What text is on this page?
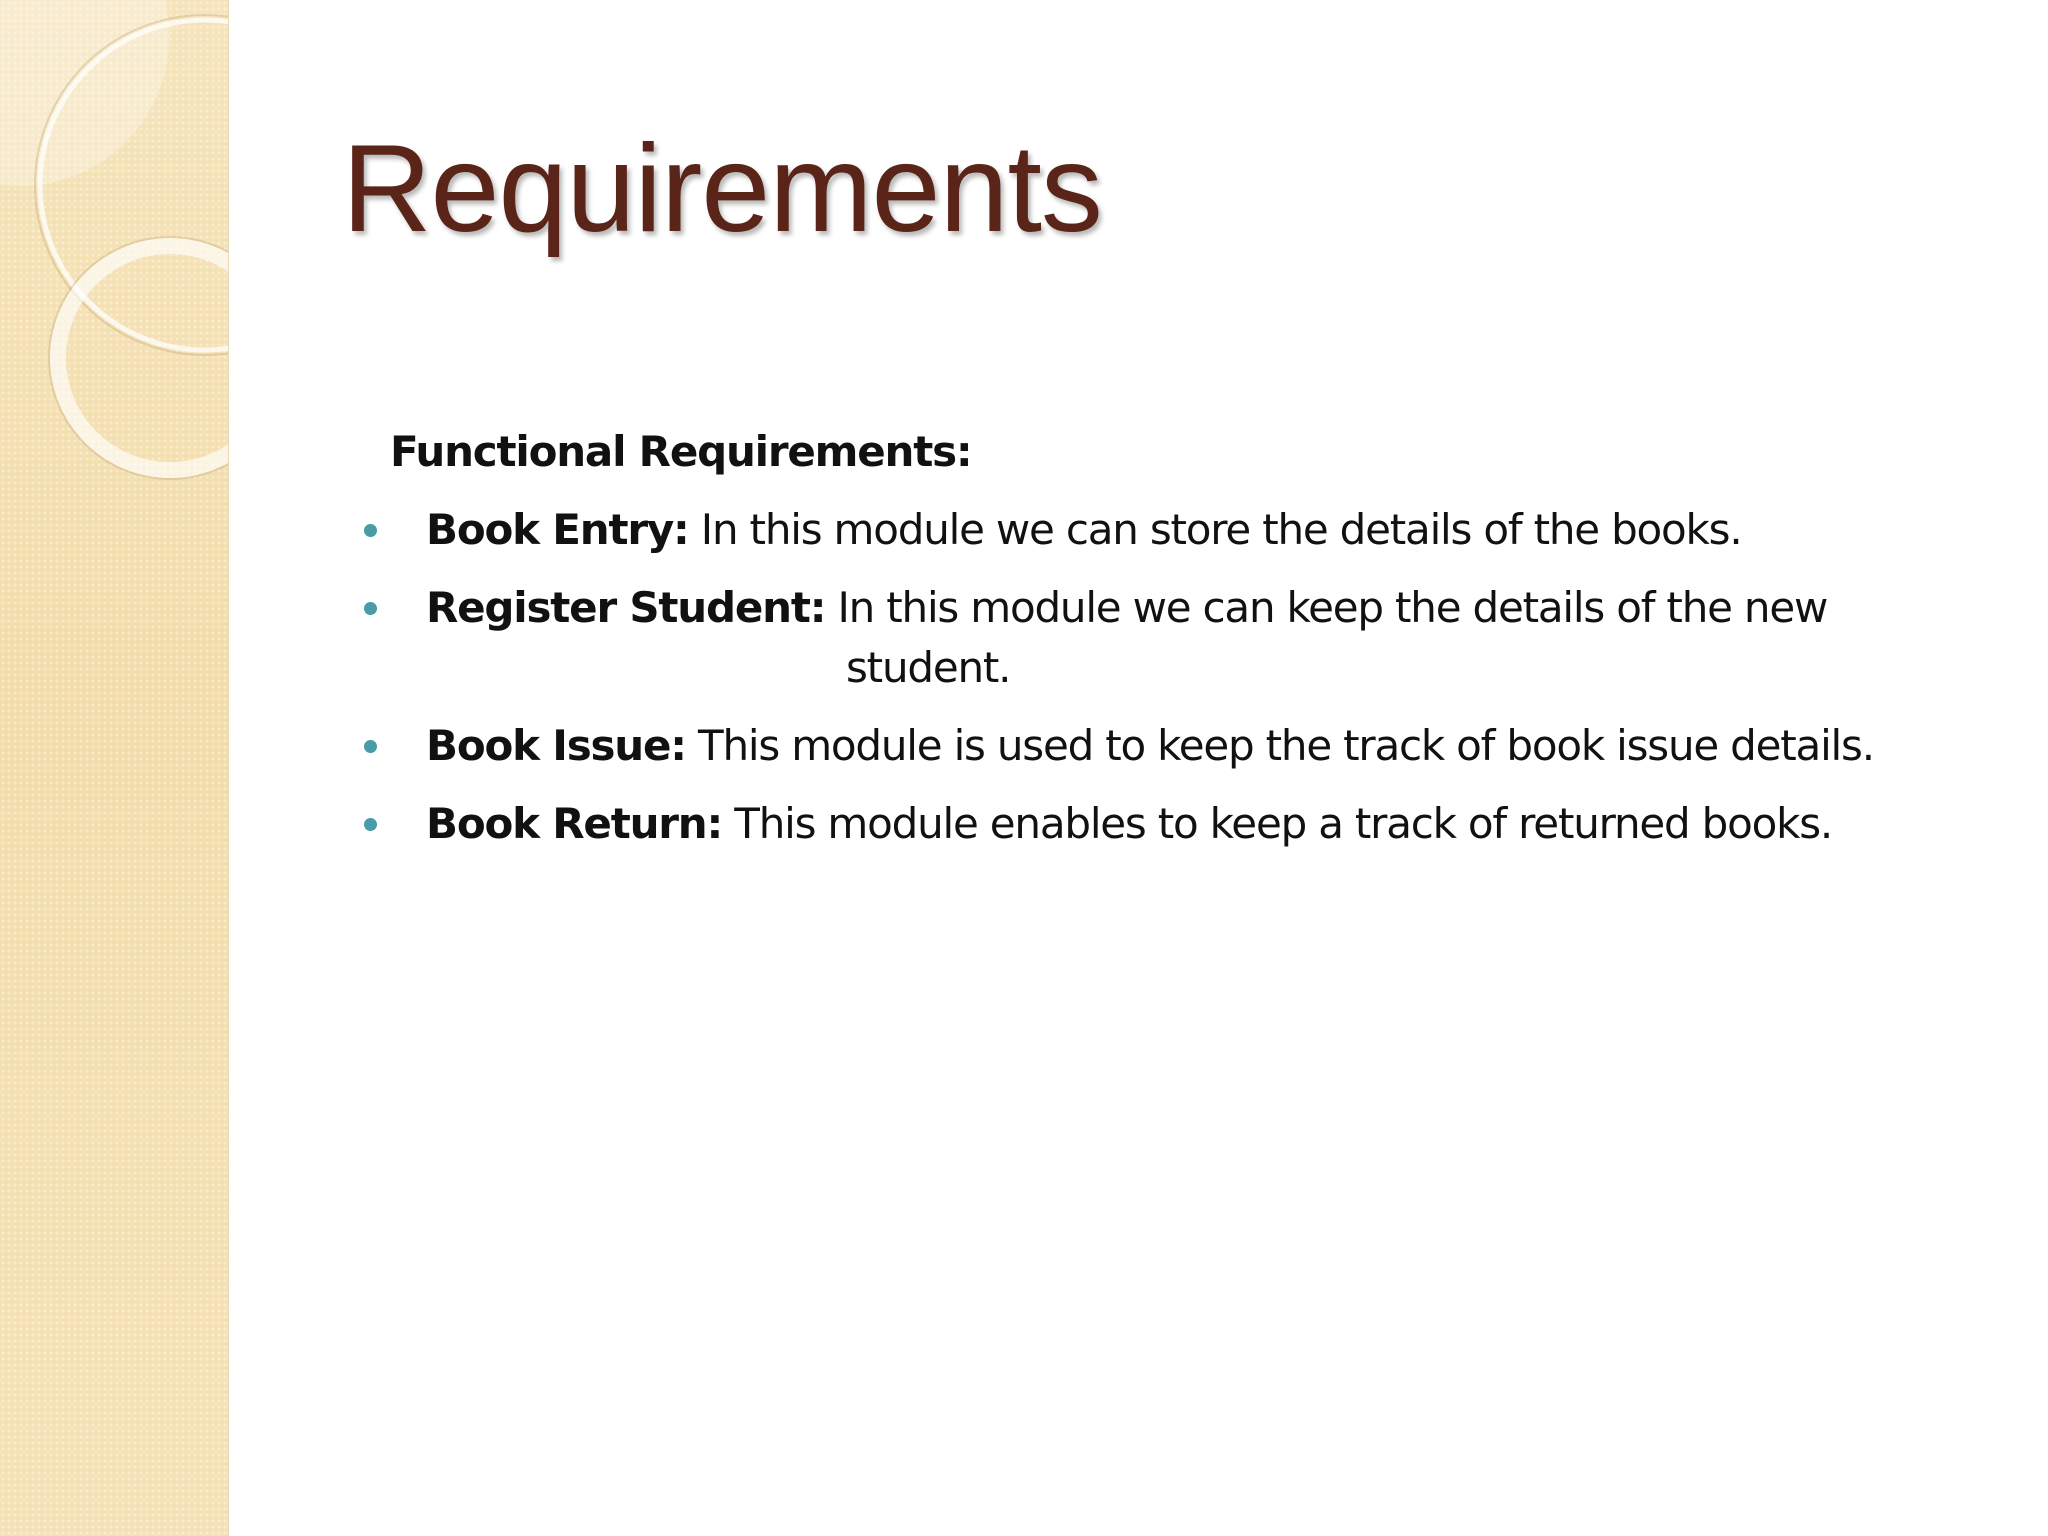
Requirements

Functional Requirements:

Book Entry: In this module we can store the details of the books.
Register Student: In this module we can keep the details of the new
student.
Book Issue: This module is used to keep the track of book issue details.
Book Return: This module enables to keep a track of returned books.
